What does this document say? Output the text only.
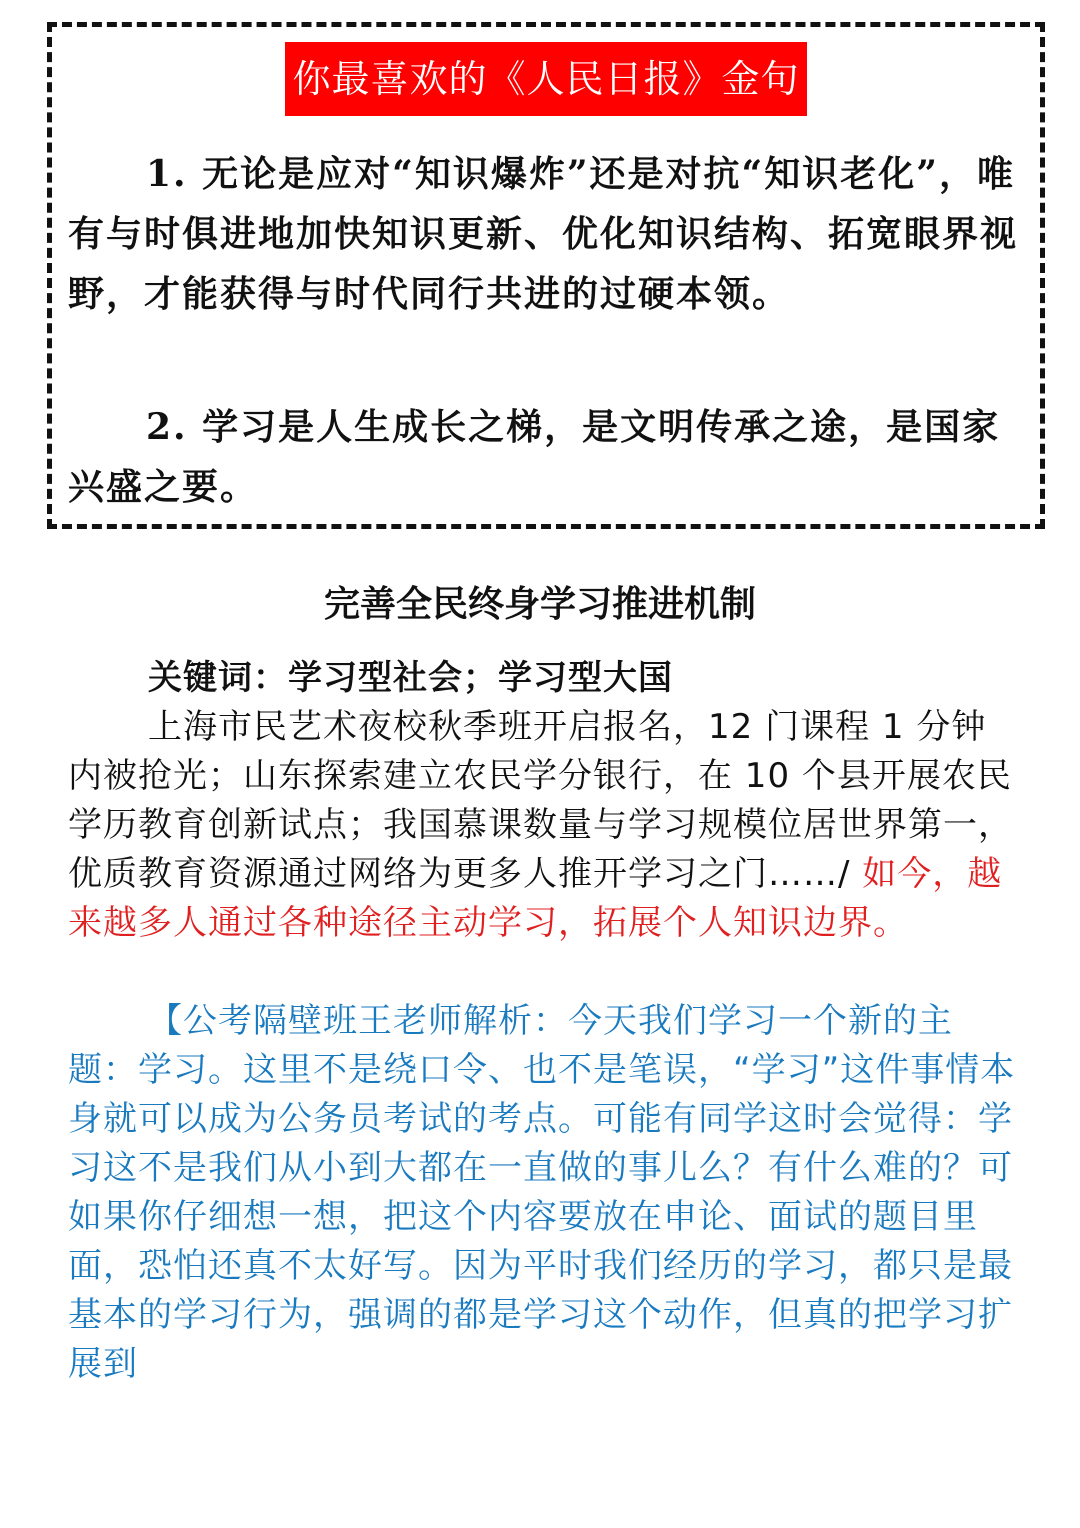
你最喜欢的《人民日报》金句

1. 无论是应对“知识爆炸”还是对抗“知识老化”，唯有与时俱进地加快知识更新、优化知识结构、拓宽眼界视野，才能获得与时代同行共进的过硬本领。

2. 学习是人生成长之梯，是文明传承之途，是国家兴盛之要。

完善全民终身学习推进机制

关键词：学习型社会；学习型大国

上海市民艺术夜校秋季班开启报名，12 门课程 1 分钟内被抢光；山东探索建立农民学分银行，在 10 个县开展农民学历教育创新试点；我国慕课数量与学习规模位居世界第一，优质教育资源通过网络为更多人推开学习之门……/ 如今，越来越多人通过各种途径主动学习，拓展个人知识边界。

【公考隔壁班王老师解析：今天我们学习一个新的主题：学习。这里不是绕口令、也不是笔误，“学习”这件事情本身就可以成为公务员考试的考点。可能有同学这时会觉得：学习这不是我们从小到大都在一直做的事儿么？有什么难的？可如果你仔细想一想，把这个内容要放在申论、面试的题目里面，恐怕还真不太好写。因为平时我们经历的学习，都只是最基本的学习行为，强调的都是学习这个动作，但真的把学习扩展到
